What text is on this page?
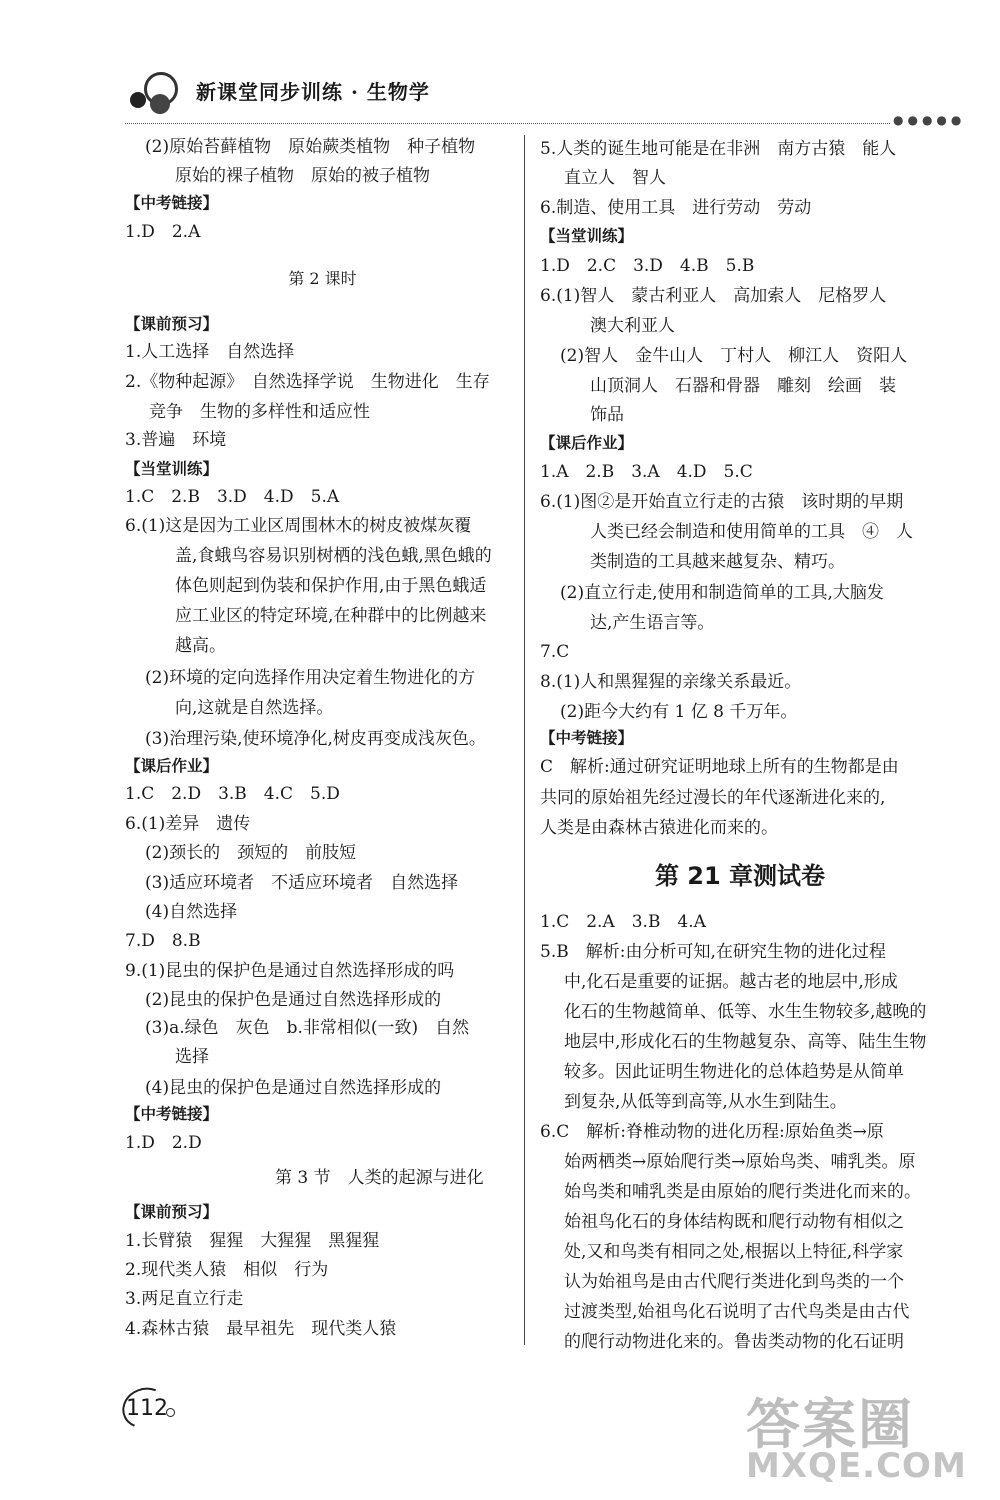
新课堂同步训练 · 生物学
●●●●●
(2)原始苔藓植物　原始蕨类植物　种子植物
原始的裸子植物　原始的被子植物
【中考链接】
1.D　2.A
第 2 课时
【课前预习】
1.人工选择　自然选择
2.《物种起源》　自然选择学说　生物进化　生存
竞争　生物的多样性和适应性
3.普遍　环境
【当堂训练】
1.C　2.B　3.D　4.D　5.A
6.(1)这是因为工业区周围林木的树皮被煤灰覆
盖,食蛾鸟容易识别树栖的浅色蛾,黑色蛾的
体色则起到伪装和保护作用,由于黑色蛾适
应工业区的特定环境,在种群中的比例越来
越高。
(2)环境的定向选择作用决定着生物进化的方
向,这就是自然选择。
(3)治理污染,使环境净化,树皮再变成浅灰色。
【课后作业】
1.C　2.D　3.B　4.C　5.D
6.(1)差异　遗传
(2)颈长的　颈短的　前肢短
(3)适应环境者　不适应环境者　自然选择
(4)自然选择
7.D　8.B
9.(1)昆虫的保护色是通过自然选择形成的吗
(2)昆虫的保护色是通过自然选择形成的
(3)a.绿色　灰色　b.非常相似(一致)　自然
选择
(4)昆虫的保护色是通过自然选择形成的
【中考链接】
1.D　2.D
第 3 节　人类的起源与进化
【课前预习】
1.长臂猿　猩猩　大猩猩　黑猩猩
2.现代类人猿　相似　行为
3.两足直立行走
4.森林古猿　最早祖先　现代类人猿
5.人类的诞生地可能是在非洲　南方古猿　能人
直立人　智人
6.制造、使用工具　进行劳动　劳动
【当堂训练】
1.D　2.C　3.D　4.B　5.B
6.(1)智人　蒙古利亚人　高加索人　尼格罗人
澳大利亚人
(2)智人　金牛山人　丁村人　柳江人　资阳人
山顶洞人　石器和骨器　雕刻　绘画　装
饰品
【课后作业】
1.A　2.B　3.A　4.D　5.C
6.(1)图②是开始直立行走的古猿　该时期的早期
人类已经会制造和使用简单的工具　④　人
类制造的工具越来越复杂、精巧。
(2)直立行走,使用和制造简单的工具,大脑发
达,产生语言等。
7.C
8.(1)人和黑猩猩的亲缘关系最近。
(2)距今大约有 1 亿 8 千万年。
【中考链接】
C　解析:通过研究证明地球上所有的生物都是由
共同的原始祖先经过漫长的年代逐渐进化来的,
人类是由森林古猿进化而来的。
第 21 章测试卷
1.C　2.A　3.B　4.A
5.B　解析:由分析可知,在研究生物的进化过程
中,化石是重要的证据。越古老的地层中,形成
化石的生物越简单、低等、水生生物较多,越晚的
地层中,形成化石的生物越复杂、高等、陆生生物
较多。因此证明生物进化的总体趋势是从简单
到复杂,从低等到高等,从水生到陆生。
6.C　解析:脊椎动物的进化历程:原始鱼类→原
始两栖类→原始爬行类→原始鸟类、哺乳类。原
始鸟类和哺乳类是由原始的爬行类进化而来的。
始祖鸟化石的身体结构既和爬行动物有相似之
处,又和鸟类有相同之处,根据以上特征,科学家
认为始祖鸟是由古代爬行类进化到鸟类的一个
过渡类型,始祖鸟化石说明了古代鸟类是由古代
的爬行动物进化来的。鲁齿类动物的化石证明
112	答案圈
MXQE.COM
